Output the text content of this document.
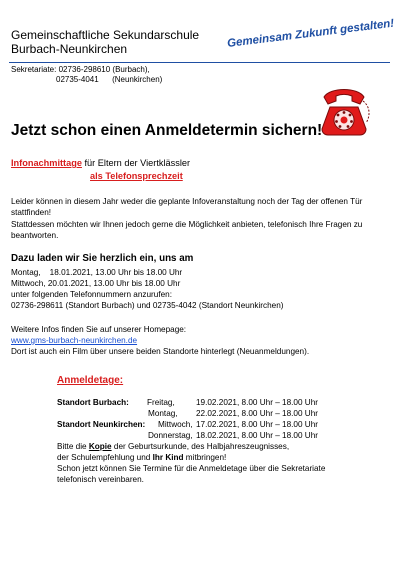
Gemeinschaftliche Sekundarschule
Burbach-Neunkirchen	Gemeinsam Zukunft gestalten!
Sekretariate: 02736-298610 (Burbach),
02735-4041 (Neunkirchen)
Jetzt schon einen Anmeldetermin sichern!
Infonachmittage für Eltern der Viertklässler
als Telefonsprechzeit
Leider können in diesem Jahr weder die geplante Infoveranstaltung noch der Tag der offenen Tür stattfinden!
Stattdessen möchten wir Ihnen jedoch gerne die Möglichkeit anbieten, telefonisch Ihre Fragen zu beantworten.
Dazu laden wir Sie herzlich ein, uns am
Montag,    18.01.2021, 13.00 Uhr bis 18.00 Uhr
Mittwoch, 20.01.2021, 13.00 Uhr bis 18.00 Uhr
unter folgenden Telefonnummern anzurufen:
02736-298611 (Standort Burbach) und 02735-4042 (Standort Neunkirchen)
Weitere Infos finden Sie auf unserer Homepage:
www.gms-burbach-neunkirchen.de
Dort ist auch ein Film über unsere beiden Standorte hinterlegt (Neuanmeldungen).
Anmeldetage:
Standort Burbach: Freitag,	19.02.2021, 8.00 Uhr – 18.00 Uhr
Montag, 22.02.2021, 8.00 Uhr – 18.00 Uhr
Standort Neunkirchen: Mittwoch, 17.02.2021, 8.00 Uhr – 18.00 Uhr
Donnerstag, 18.02.2021, 8.00 Uhr – 18.00 Uhr
Bitte die Kopie der Geburtsurkunde, des Halbjahreszeugnisses,
der Schulempfehlung und Ihr Kind mitbringen!
Schon jetzt können Sie Termine für die Anmeldetage über die Sekretariate
telefonisch vereinbaren.
